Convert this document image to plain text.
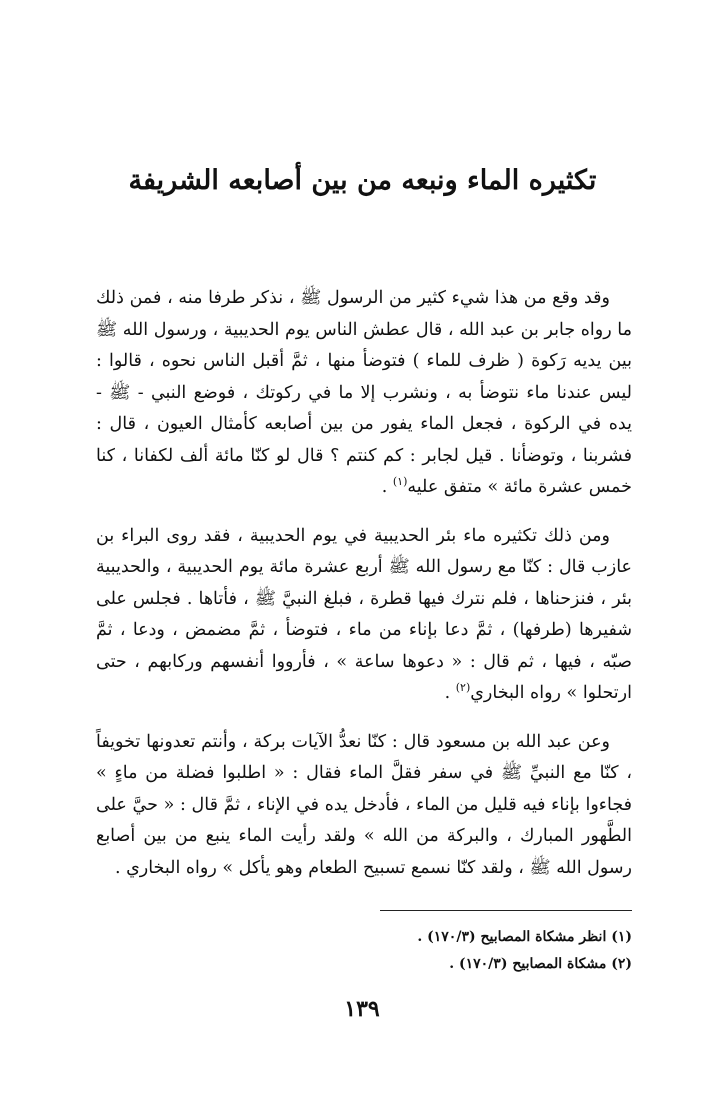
تكثيره الماء ونبعه من بين أصابعه الشريفة

وقد وقع من هذا شيء كثير من الرسول ﷺ ، نذكر طرفا منه ، فمن ذلك ما رواه جابر بن عبد الله ، قال عطش الناس يوم الحديبية ، ورسول الله ﷺ بين يديه رَكوة ( ظرف للماء ) فتوضأ منها ، ثمَّ أقبل الناس نحوه ، قالوا : ليس عندنا ماء نتوضأ به ، ونشرب إلا ما في ركوتك ، فوضع النبي - ﷺ - يده في الركوة ، فجعل الماء يفور من بين أصابعه كأمثال العيون ، قال : فشربنا ، وتوضأنا . قيل لجابر : كم كنتم ؟ قال لو كنّا مائة ألف لكفانا ، كنا خمس عشرة مائة » متفق عليه$^{(١)}$ .

ومن ذلك تكثيره ماء بئر الحديبية في يوم الحديبية ، فقد روى البراء بن عازب قال : كنّا مع رسول الله ﷺ أربع عشرة مائة يوم الحديبية ، والحديبية بئر ، فنزحناها ، فلم نترك فيها قطرة ، فبلغ النبيَّ ﷺ ، فأتاها . فجلس على شفيرها (طرفها) ، ثمَّ دعا بإناء من ماء ، فتوضأ ، ثمَّ مضمض ، ودعا ، ثمَّ صبّه ، فيها ، ثم قال : « دعوها ساعة » ، فأرووا أنفسهم وركابهم ، حتى ارتحلوا » رواه البخاري$^{(٢)}$ .

وعن عبد الله بن مسعود قال : كنّا نعدُّ الآيات بركة ، وأنتم تعدونها تخويفاً ، كنّا مع النبيِّ ﷺ في سفر فقلَّ الماء فقال : « اطلبوا فضلة من ماءٍ » فجاءوا بإناء فيه قليل من الماء ، فأدخل يده في الإناء ، ثمَّ قال : « حيَّ على الطَّهور المبارك ، والبركة من الله » ولقد رأيت الماء ينبع من بين أصابع رسول الله ﷺ ، ولقد كنّا نسمع تسبيح الطعام وهو يأكل » رواه البخاري .

(١) انظر مشكاة المصابيح (١٧٠/٣) .

(٢) مشكاة المصابيح (١٧٠/٣) .

١٣٩
